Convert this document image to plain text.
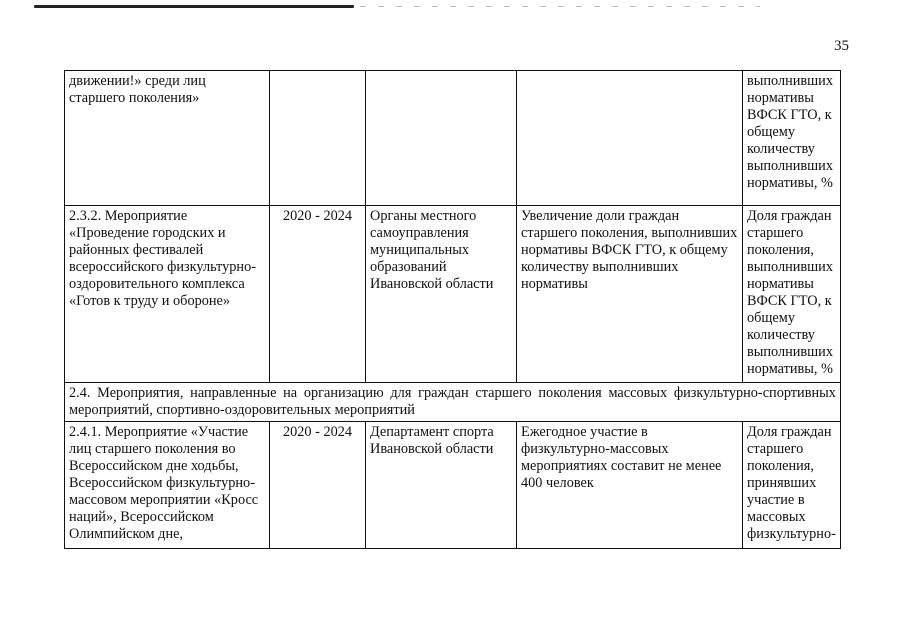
35
движении!» среди лиц старшего поколения»				выполнивших нормативы ВФСК ГТО, к общему количеству выполнивших нормативы, %
2.3.2. Мероприятие «Проведение городских и районных фестивалей всероссийского физкультурно-оздоровительного комплекса «Готов к труду и обороне»	2020 - 2024	Органы местного самоуправления муниципальных образований Ивановской области	Увеличение доли граждан старшего поколения, выполнивших нормативы ВФСК ГТО, к общему количеству выполнивших нормативы	Доля граждан старшего поколения, выполнивших нормативы ВФСК ГТО, к общему количеству выполнивших нормативы, %
2.4. Мероприятия, направленные на организацию для граждан старшего поколения массовых физкультурно-спортивных мероприятий, спортивно-оздоровительных мероприятий				
2.4.1. Мероприятие «Участие лиц старшего поколения во Всероссийском дне ходьбы, Всероссийском физкультурно-массовом мероприятии «Кросс наций», Всероссийском Олимпийском дне,	2020 - 2024	Департамент спорта Ивановской области	Ежегодное участие в физкультурно-массовых мероприятиях составит не менее 400 человек	Доля граждан старшего поколения, принявших участие в массовых физкультурно-
